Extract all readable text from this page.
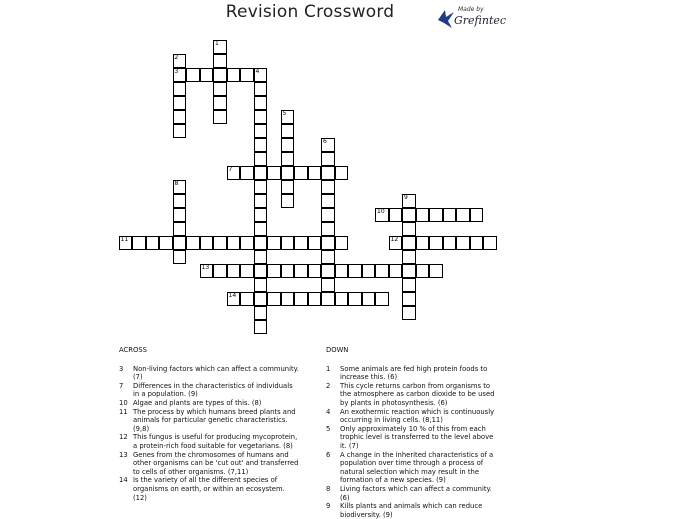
Revision Crossword	Made by
Grefintec
1
2
3	4
5
6
7
8
9
10
11	12
13
14
ACROSS
3	Non-living factors which can affect a community. (7)
7	Differences in the characteristics of individuals in a population. (9)
10 Algae and plants are types of this. (8)
11 The process by which humans breed plants and animals for particular genetic characteristics. (9,8)
12 This fungus is useful for producing mycoprotein, a protein-rich food suitable for vegetarians. (8)
13 Genes from the chromosomes of humans and other organisms can be 'cut out' and transferred to cells of other organisms. (7,11)
14 Is the variety of all the different species of organisms on earth, or within an ecosystem. (12)
DOWN
1	Some animals are fed high protein foods to increase this. (6)
2	This cycle returns carbon from organisms to the atmosphere as carbon dioxide to be used by plants in photosynthesis. (6)
4	An exothermic reaction which is continuously occurring in living cells. (8,11)
5	Only approximately 10 % of this from each trophic level is transferred to the level above it. (7)
6	A change in the inherited characteristics of a population over time through a process of natural selection which may result in the formation of a new species. (9)
8	Living factors which can affect a community. (6)
9	Kills plants and animals which can reduce biodiversity. (9)
